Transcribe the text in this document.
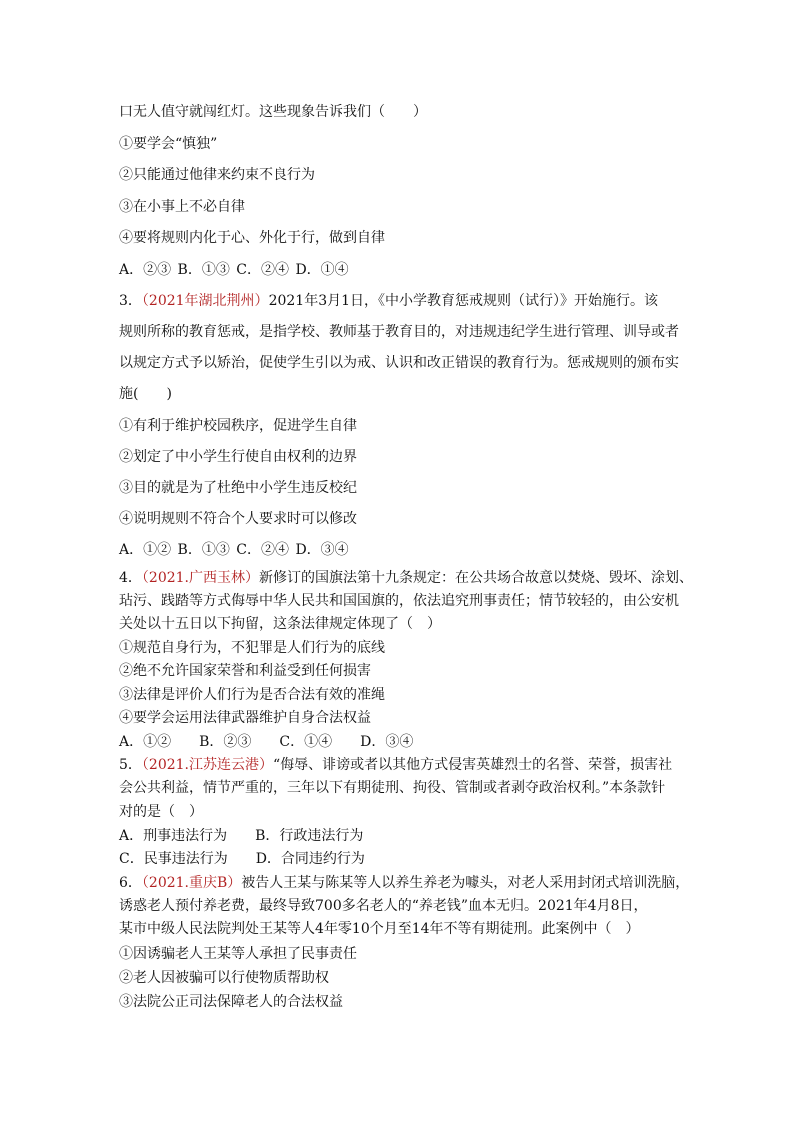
口无人值守就闯红灯。这些现象告诉我们（　　）
①要学会“慎独”
②只能通过他律来约束不良行为
③在小事上不必自律
④要将规则内化于心、外化于行，做到自律
A．②③ B．①③ C．②④ D．①④
3．（2021年湖北荆州）2021年3月1日，《中小学教育惩戒规则（试行）》开始施行。该
规则所称的教育惩戒，是指学校、教师基于教育目的，对违规违纪学生进行管理、训导或者
以规定方式予以矫治，促使学生引以为戒、认识和改正错误的教育行为。惩戒规则的颁布实
施(　　)
①有利于维护校园秩序，促进学生自律
②划定了中小学生行使自由权利的边界
③目的就是为了杜绝中小学生违反校纪
④说明规则不符合个人要求时可以修改
A．①② B．①③ C．②④ D．③④
4．（2021.广西玉林）新修订的国旗法第十九条规定：在公共场合故意以焚烧、毁坏、涂划、
玷污、践踏等方式侮辱中华人民共和国国旗的，依法追究刑事责任；情节较轻的，由公安机
关处以十五日以下拘留，这条法律规定体现了（　）
①规范自身行为，不犯罪是人们行为的底线
②绝不允许国家荣誉和利益受到任何损害
③法律是评价人们行为是否合法有效的准绳
④要学会运用法律武器维护自身合法权益
A．①②　　B．②③　　C．①④　　D．③④
5．（2021.江苏连云港）“侮辱、诽谤或者以其他方式侵害英雄烈士的名誉、荣誉，损害社
会公共利益，情节严重的，三年以下有期徒刑、拘役、管制或者剥夺政治权利。”本条款针
对的是（　）
A．刑事违法行为　　B．行政违法行为
C．民事违法行为　　D．合同违约行为
6．（2021.重庆B）被告人王某与陈某等人以养生养老为噱头，对老人采用封闭式培训洗脑，
诱惑老人预付养老费，最终导致700多名老人的“养老钱”血本无归。2021年4月8日，
某市中级人民法院判处王某等人4年零10个月至14年不等有期徒刑。此案例中（　）
①因诱骗老人王某等人承担了民事责任
②老人因被骗可以行使物质帮助权
③法院公正司法保障老人的合法权益
